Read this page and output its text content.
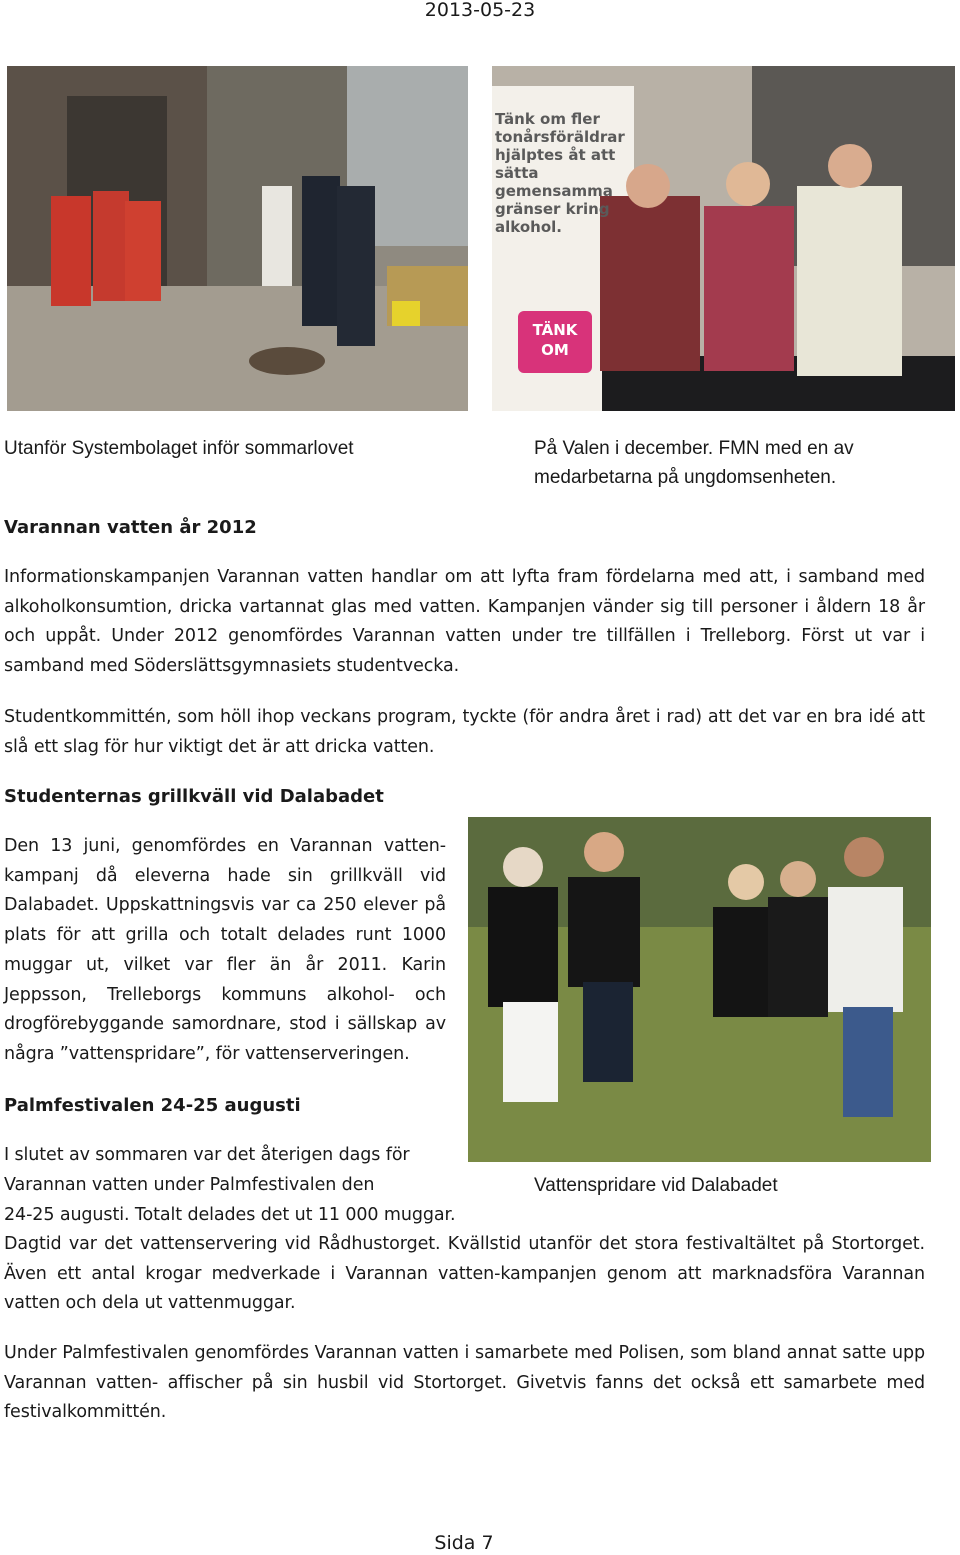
2013-05-23
Tänk om fler tonårsföräldrar hjälptes åt att sätta gemensamma gränser kring alkohol.
TÄNK OM
Utanför Systembolaget inför sommarlovet	På Valen i december. FMN med en av
medarbetarna på ungdomsenheten.
Varannan vatten år 2012
Informationskampanjen Varannan vatten handlar om att lyfta fram fördelarna med att, i samband med alkoholkonsumtion, dricka vartannat glas med vatten. Kampanjen vänder sig till personer i åldern 18 år och uppåt. Under 2012 genomfördes Varannan vatten under tre tillfällen i Trelleborg. Först ut var i samband med Söderslättsgymnasiets studentvecka.
Studentkommittén, som höll ihop veckans program, tyckte (för andra året i rad) att det var en bra idé att slå ett slag för hur viktigt det är att dricka vatten.
Studenternas grillkväll vid Dalabadet
Den 13 juni, genomfördes en Varannan vatten-kampanj då eleverna hade sin grillkväll vid Dalabadet. Uppskattningsvis var ca 250 elever på plats för att grilla och totalt delades runt 1000 muggar ut, vilket var fler än år 2011. Karin Jeppsson, Trelleborgs kommuns alkohol- och drogförebyggande samordnare, stod i sällskap av några ”vattenspridare”, för vattenserveringen.
Palmfestivalen 24-25 augusti
I slutet av sommaren var det återigen dags för
Varannan vatten under Palmfestivalen den	Vattenspridare vid Dalabadet
24-25 augusti. Totalt delades det ut 11 000 muggar.
Dagtid var det vattenservering vid Rådhustorget. Kvällstid utanför det stora festivaltältet på Stortorget. Även ett antal krogar medverkade i Varannan vatten-kampanjen genom att marknadsföra Varannan vatten och dela ut vattenmuggar.
Under Palmfestivalen genomfördes Varannan vatten i samarbete med Polisen, som bland annat satte upp Varannan vatten- affischer på sin husbil vid Stortorget. Givetvis fanns det också ett samarbete med festivalkommittén.
Sida 7
